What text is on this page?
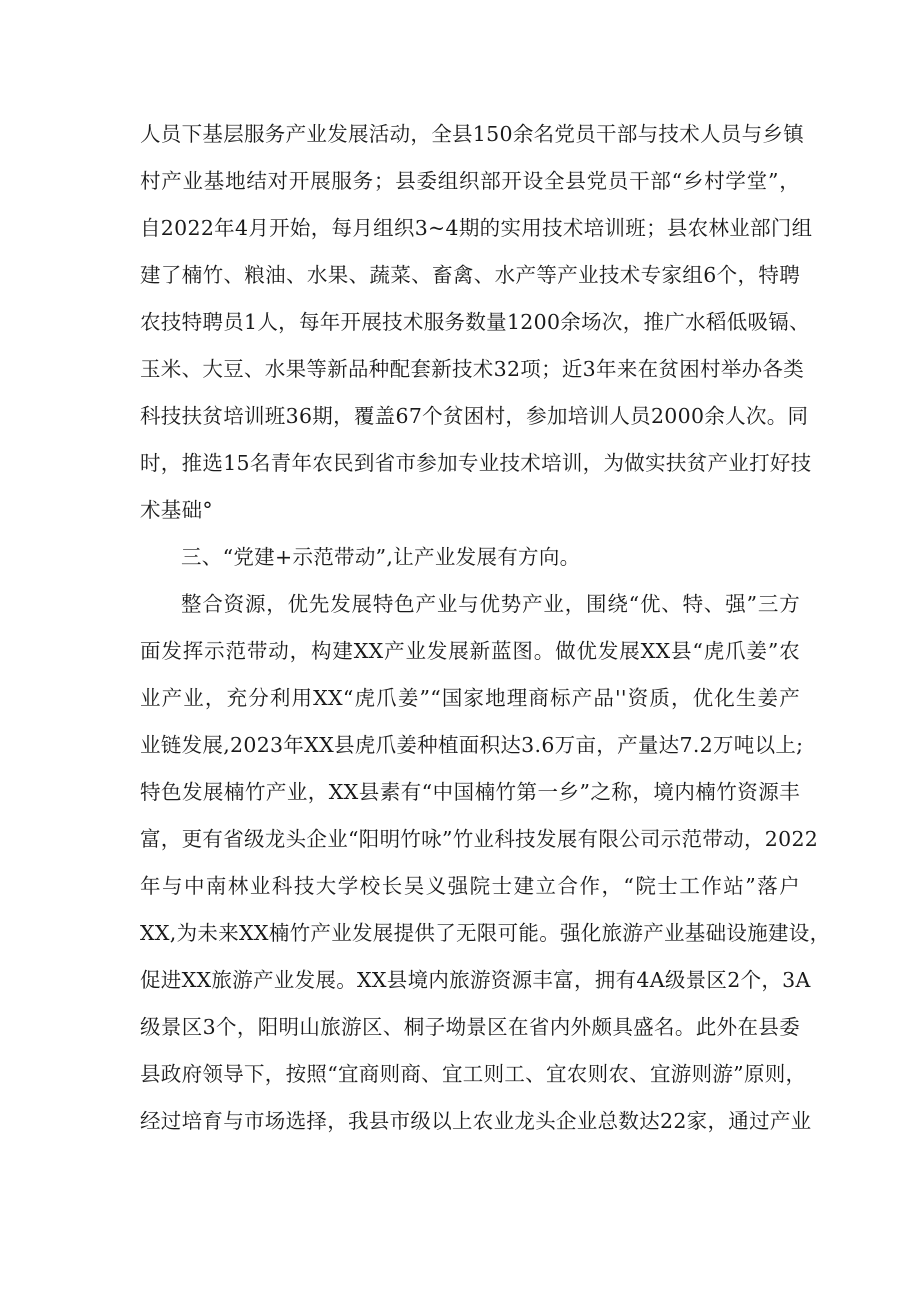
人员下基层服务产业发展活动，全县150余名党员干部与技术人员与乡镇
村产业基地结对开展服务；县委组织部开设全县党员干部“乡村学堂”，
自2022年4月开始，每月组织3~4期的实用技术培训班；县农林业部门组
建了楠竹、粮油、水果、蔬菜、畜禽、水产等产业技术专家组6个，特聘
农技特聘员1人，每年开展技术服务数量1200余场次，推广水稻低吸镉、
玉米、大豆、水果等新品种配套新技术32项；近3年来在贫困村举办各类
科技扶贫培训班36期，覆盖67个贫困村，参加培训人员2000余人次。同
时，推选15名青年农民到省市参加专业技术培训，为做实扶贫产业打好技
术基础°
三、“党建+示范带动”,让产业发展有方向。
整合资源，优先发展特色产业与优势产业，围绕“优、特、强”三方
面发挥示范带动，构建XX产业发展新蓝图。做优发展XX县“虎爪姜”农
业产业，充分利用XX“虎爪姜”“国家地理商标产品''资质，优化生姜产
业链发展,2023年XX县虎爪姜种植面积达3.6万亩，产量达7.2万吨以上;
特色发展楠竹产业，XX县素有“中国楠竹第一乡”之称，境内楠竹资源丰
富，更有省级龙头企业“阳明竹咏”竹业科技发展有限公司示范带动，2022
年与中南林业科技大学校长吴义强院士建立合作，“院士工作站”落户
XX,为未来XX楠竹产业发展提供了无限可能。强化旅游产业基础设施建设，
促进XX旅游产业发展。XX县境内旅游资源丰富，拥有4A级景区2个，3A
级景区3个，阳明山旅游区、桐子坳景区在省内外颇具盛名。此外在县委
县政府领导下，按照“宜商则商、宜工则工、宜农则农、宜游则游”原则，
经过培育与市场选择，我县市级以上农业龙头企业总数达22家，通过产业
